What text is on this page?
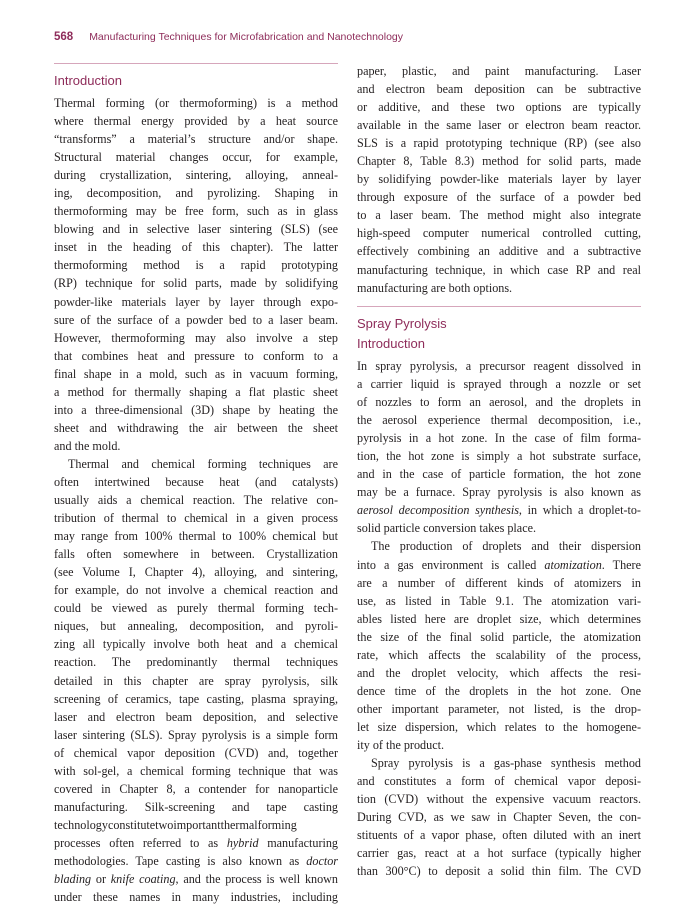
568 Manufacturing Techniques for Microfabrication and Nanotechnology
Introduction
Thermal forming (or thermoforming) is a method
where thermal energy provided by a heat source
“transforms” a material’s structure and/or shape.
Structural material changes occur, for example,
during crystallization, sintering, alloying, anneal-
ing, decomposition, and pyrolizing. Shaping in
thermoforming may be free form, such as in glass
blowing and in selective laser sintering (SLS) (see
inset in the heading of this chapter). The latter
thermoforming method is a rapid prototyping
(RP) technique for solid parts, made by solidifying
powder-like materials layer by layer through expo-
sure of the surface of a powder bed to a laser beam.
However, thermoforming may also involve a step
that combines heat and pressure to conform to a
final shape in a mold, such as in vacuum forming,
a method for thermally shaping a flat plastic sheet
into a three-dimensional (3D) shape by heating the
sheet and withdrawing the air between the sheet
and the mold.
Thermal and chemical forming techniques are
often intertwined because heat (and catalysts)
usually aids a chemical reaction. The relative con-
tribution of thermal to chemical in a given process
may range from 100% thermal to 100% chemical but
falls often somewhere in between. Crystallization
(see Volume I, Chapter 4), alloying, and sintering,
for example, do not involve a chemical reaction and
could be viewed as purely thermal forming tech-
niques, but annealing, decomposition, and pyroli-
zing all typically involve both heat and a chemical
reaction. The predominantly thermal techniques
detailed in this chapter are spray pyrolysis, silk
screening of ceramics, tape casting, plasma spraying,
laser and electron beam deposition, and selective
laser sintering (SLS). Spray pyrolysis is a simple form
of chemical vapor deposition (CVD) and, together
with sol-gel, a chemical forming technique that was
covered in Chapter 8, a contender for nanoparticle
manufacturing. Silk-screening and tape casting
technologyconstitutetwoimportantthermalforming
processes often referred to as hybrid manufacturing
methodologies. Tape casting is also known as doctor
blading or knife coating, and the process is well known
under these names in many industries, including
paper, plastic, and paint manufacturing. Laser
and electron beam deposition can be subtractive
or additive, and these two options are typically
available in the same laser or electron beam reactor.
SLS is a rapid prototyping technique (RP) (see also
Chapter 8, Table 8.3) method for solid parts, made
by solidifying powder-like materials layer by layer
through exposure of the surface of a powder bed
to a laser beam. The method might also integrate
high-speed computer numerical controlled cutting,
effectively combining an additive and a subtractive
manufacturing technique, in which case RP and real
manufacturing are both options.
Spray Pyrolysis
Introduction
In spray pyrolysis, a precursor reagent dissolved in
a carrier liquid is sprayed through a nozzle or set
of nozzles to form an aerosol, and the droplets in
the aerosol experience thermal decomposition, i.e.,
pyrolysis in a hot zone. In the case of film forma-
tion, the hot zone is simply a hot substrate surface,
and in the case of particle formation, the hot zone
may be a furnace. Spray pyrolysis is also known as
aerosol decomposition synthesis, in which a droplet-to-
solid particle conversion takes place.
The production of droplets and their dispersion
into a gas environment is called atomization. There
are a number of different kinds of atomizers in
use, as listed in Table 9.1. The atomization vari-
ables listed here are droplet size, which determines
the size of the final solid particle, the atomization
rate, which affects the scalability of the process,
and the droplet velocity, which affects the resi-
dence time of the droplets in the hot zone. One
other important parameter, not listed, is the drop-
let size dispersion, which relates to the homogene-
ity of the product.
Spray pyrolysis is a gas-phase synthesis method
and constitutes a form of chemical vapor deposi-
tion (CVD) without the expensive vacuum reactors.
During CVD, as we saw in Chapter Seven, the con-
stituents of a vapor phase, often diluted with an inert
carrier gas, react at a hot surface (typically higher
than 300°C) to deposit a solid thin film. The CVD
